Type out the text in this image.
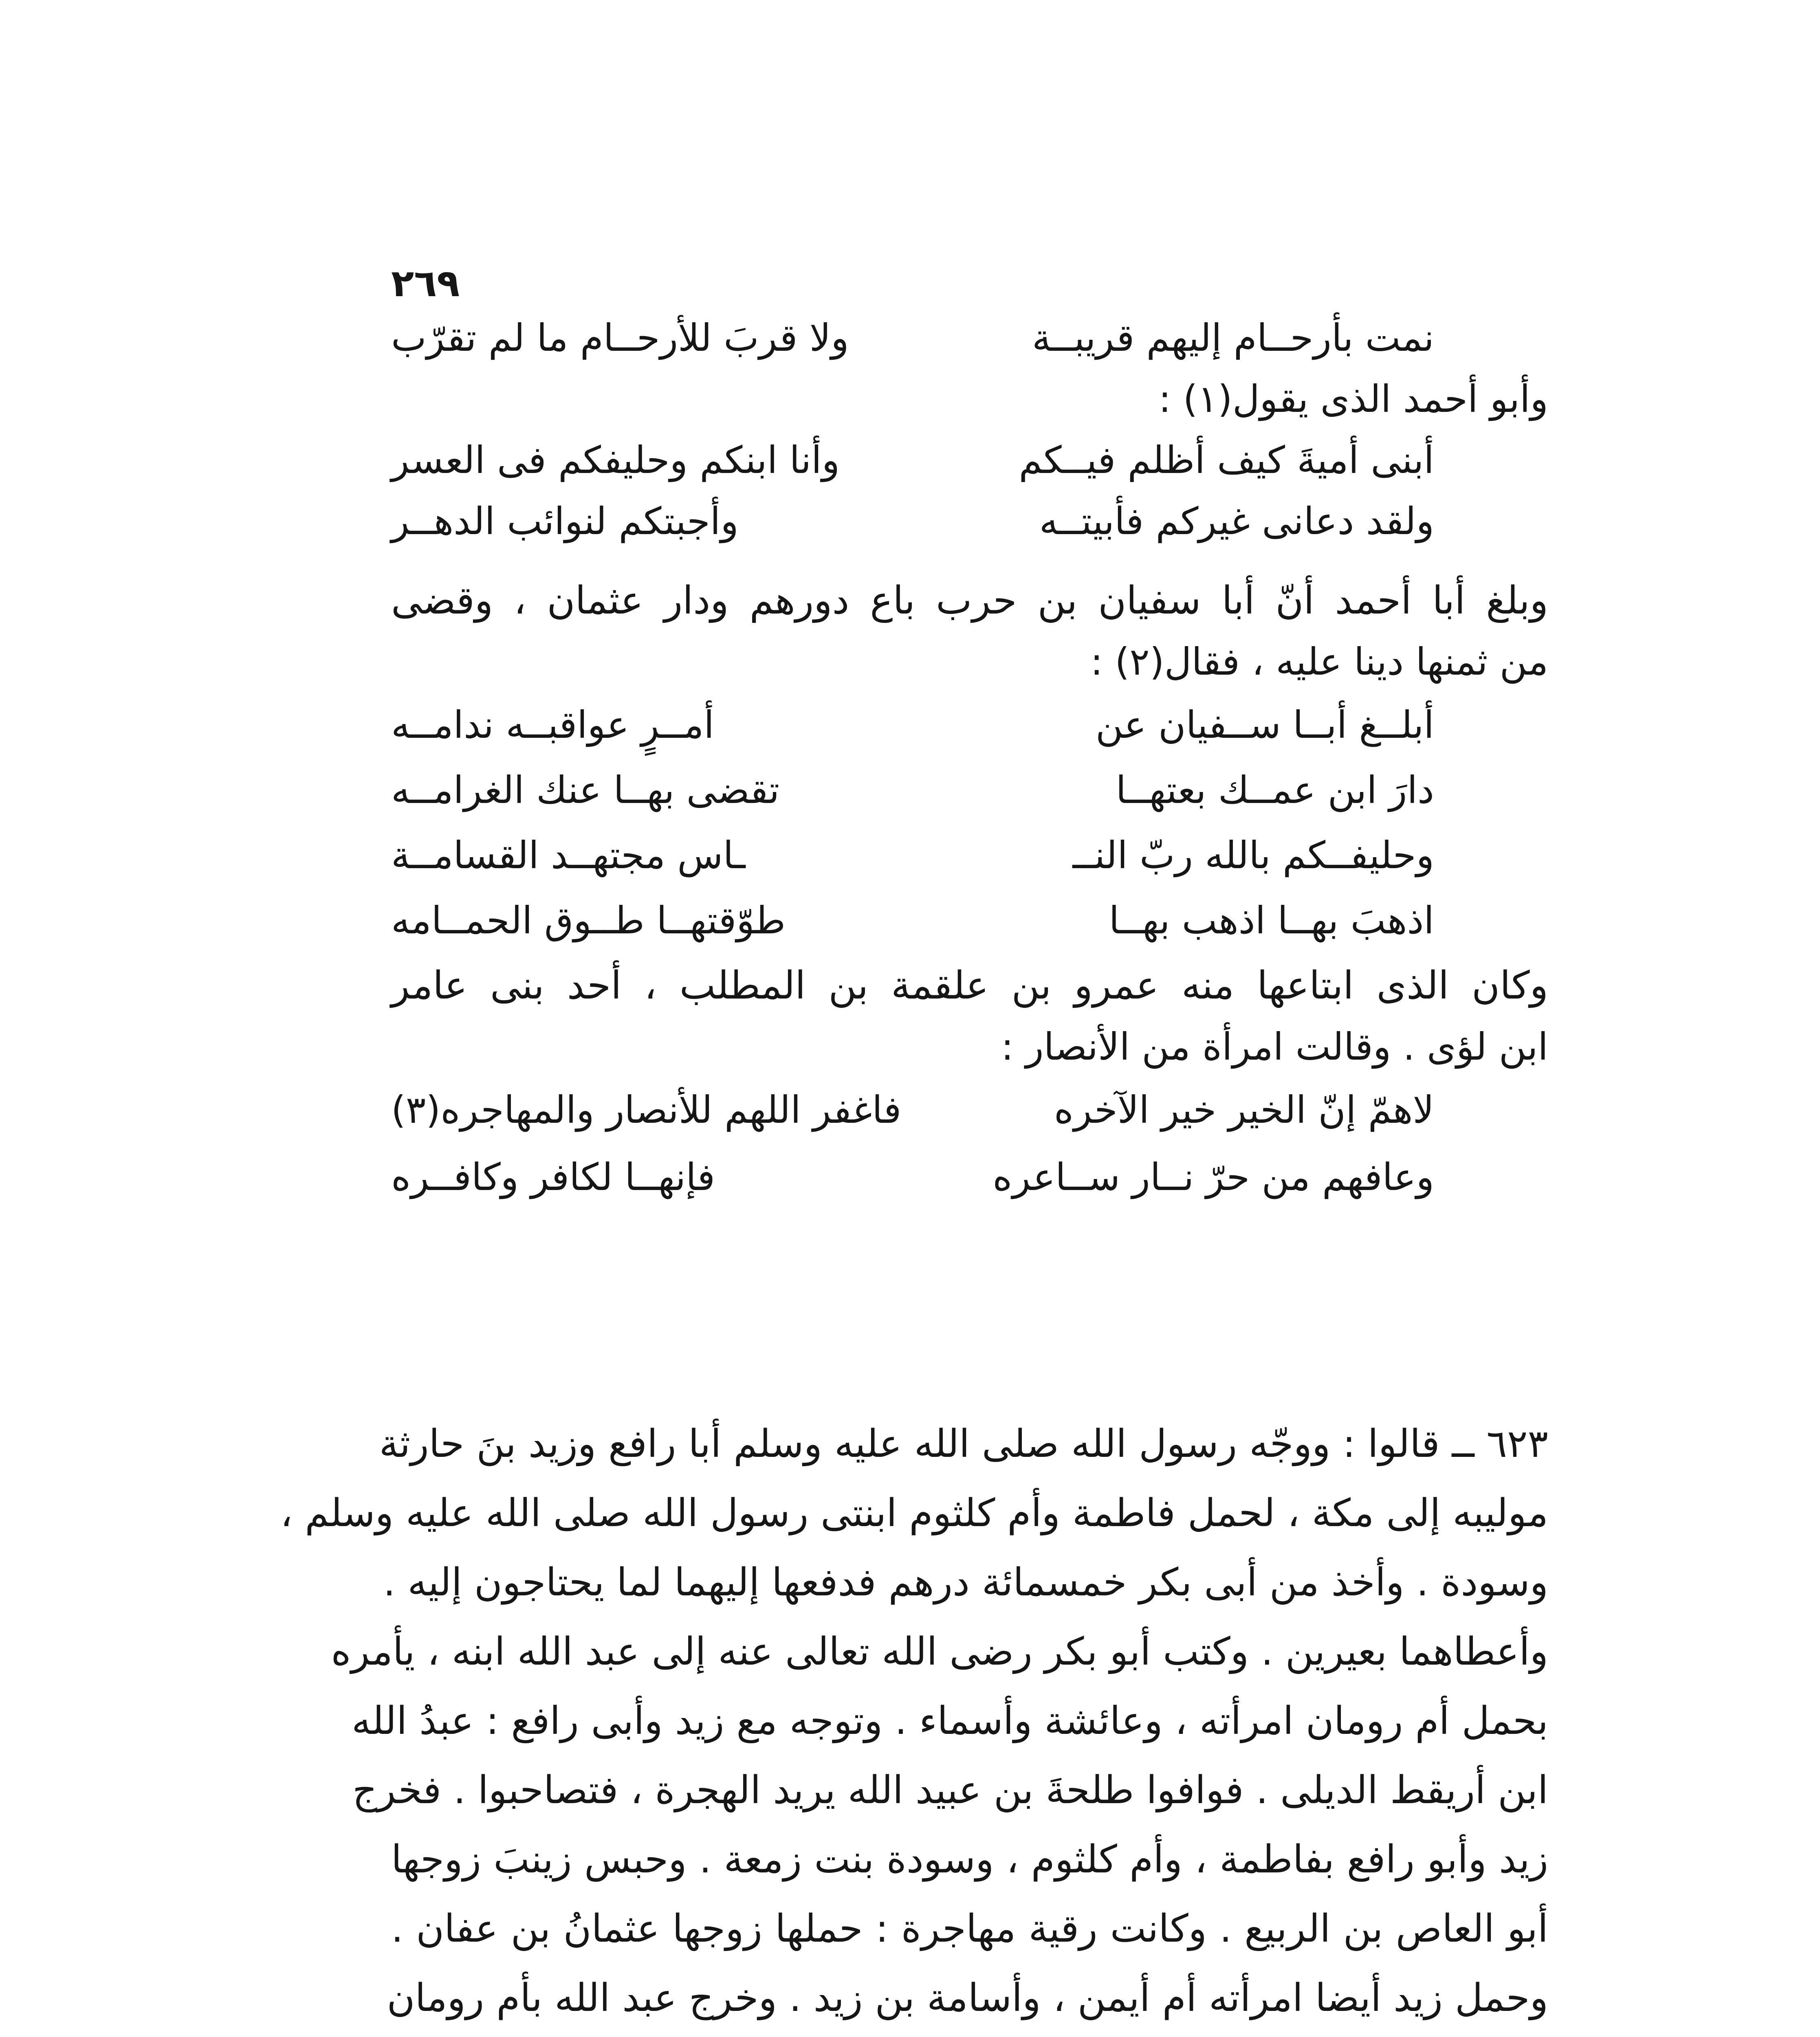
٢٦٩
نمت بأرحــام إليهم قريبــة
ولا قربَ للأرحــام ما لم تقرّب
وأبو أحمد الذى يقول(١) :
أبنى أميةَ كيف أظلم فيــكم
وأنا ابنكم وحليفكم فى العسر
ولقد دعانى غيركم فأبيتــه
وأجبتكم لنوائب الدهــر
وبلغ أبا أحمد أنّ أبا سفيان بن حرب باع دورهم ودار عثمان ، وقضى
من ثمنها دينا عليه ، فقال(٢) :
أبلــغ أبــا ســفيان عن
أمــرٍ عواقبــه ندامــه
دارَ ابن عمــك بعتهــا
تقضى بهــا عنك الغرامــه
وحليفــكم بالله ربّ النــ
ـاس مجتهــد القسامــة
اذهبَ بهــا اذهب بهــا
طوّقتهــا طــوق الحمــامه
وكان الذى ابتاعها منه عمرو بن علقمة بن المطلب ، أحد بنى عامر
ابن لؤى . وقالت امرأة من الأنصار :
لاهمّ إنّ الخير خير الآخره
فاغفر اللهم للأنصار والمهاجره(٣)
وعافهم من حرّ نــار ســاعره
فإنهــا لكافر وكافــره
٦٢٣ ــ قالوا : ووجّه رسول الله صلى الله عليه وسلم أبا رافع وزيد بنَ حارثة
موليبه إلى مكة ، لحمل فاطمة وأم كلثوم ابنتى رسول الله صلى الله عليه وسلم ،
وسودة . وأخذ من أبى بكر خمسمائة درهم فدفعها إليهما لما يحتاجون إليه .
وأعطاهما بعيرين . وكتب أبو بكر رضى الله تعالى عنه إلى عبد الله ابنه ، يأمره
بحمل أم رومان امرأته ، وعائشة وأسماء . وتوجه مع زيد وأبى رافع : عبدُ الله
ابن أريقط الديلى . فوافوا طلحةَ بن عبيد الله يريد الهجرة ، فتصاحبوا . فخرج
زيد وأبو رافع بفاطمة ، وأم كلثوم ، وسودة بنت زمعة . وحبس زينبَ زوجها
أبو العاص بن الربيع . وكانت رقية مهاجرة : حملها زوجها عثمانُ بن عفان .
وحمل زيد أيضا امرأته أم أيمن ، وأسامة بن زيد . وخرج عبد الله بأم رومان
